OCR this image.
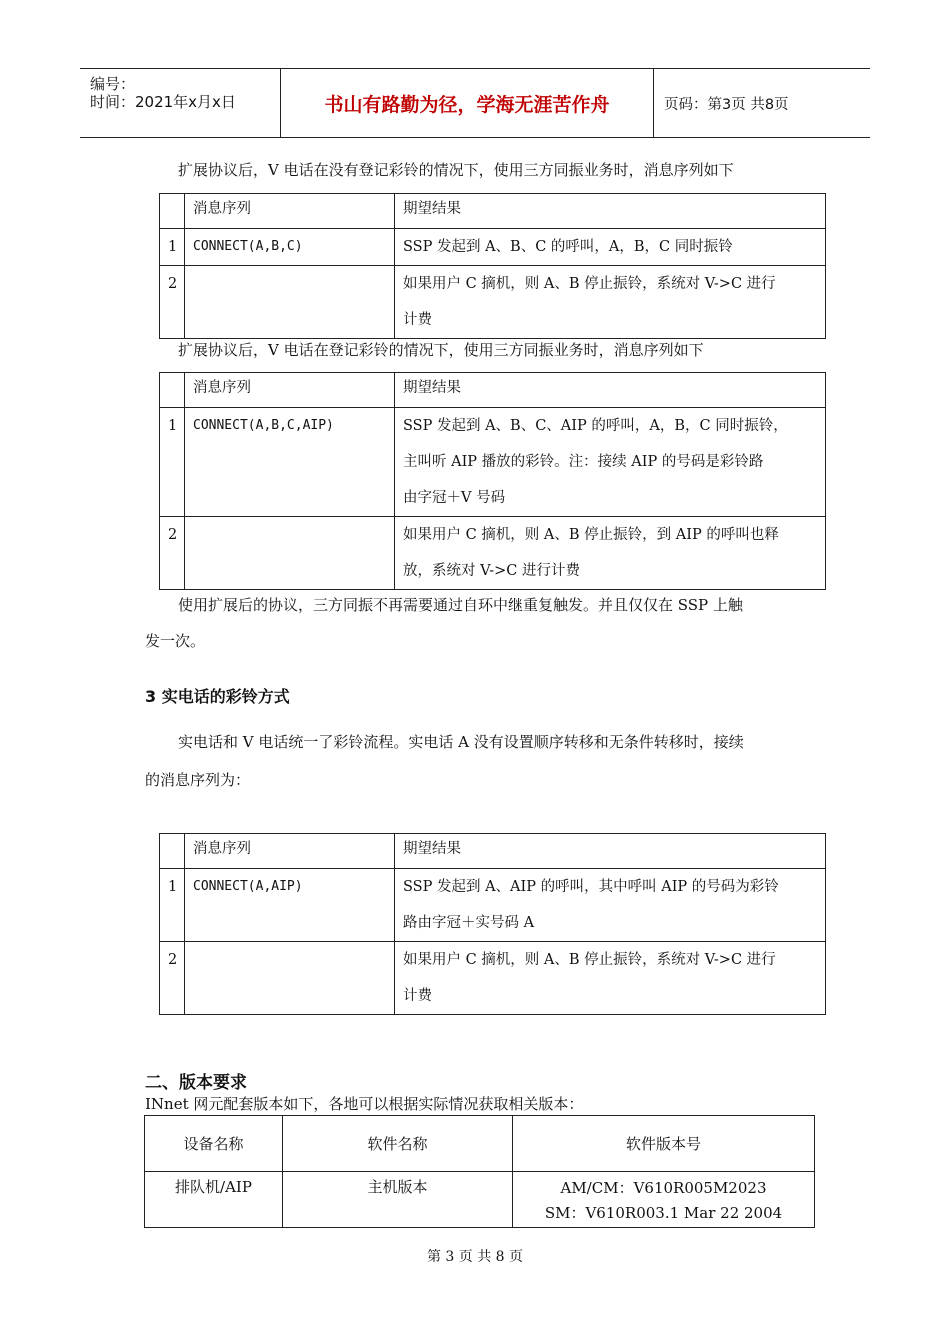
编号：
时间：2021年x月x日	书山有路勤为径，学海无涯苦作舟	页码：第3页 共8页
扩展协议后，V 电话在没有登记彩铃的情况下，使用三方同振业务时，消息序列如下
	消息序列	期望结果
1	CONNECT(A,B,C)	SSP 发起到 A、B、C 的呼叫，A，B，C 同时振铃
2		如果用户 C 摘机，则 A、B 停止振铃，系统对 V->C 进行
计费
扩展协议后，V 电话在登记彩铃的情况下，使用三方同振业务时，消息序列如下
	消息序列	期望结果
1	CONNECT(A,B,C,AIP)	SSP 发起到 A、B、C、AIP 的呼叫，A，B，C 同时振铃，
主叫听 AIP 播放的彩铃。注：接续 AIP 的号码是彩铃路
由字冠＋V 号码

2		如果用户 C 摘机，则 A、B 停止振铃，到 AIP 的呼叫也释
放，系统对 V->C 进行计费
使用扩展后的协议，三方同振不再需要通过自环中继重复触发。并且仅仅在 SSP 上触
发一次。
3 实电话的彩铃方式
实电话和 V 电话统一了彩铃流程。实电话 A 没有设置顺序转移和无条件转移时，接续
的消息序列为：
	消息序列	期望结果
1	CONNECT(A,AIP)	SSP 发起到 A、AIP 的呼叫，其中呼叫 AIP 的号码为彩铃
路由字冠＋实号码 A

2		如果用户 C 摘机，则 A、B 停止振铃，系统对 V->C 进行
计费
二、版本要求
INnet 网元配套版本如下，各地可以根据实际情况获取相关版本：
设备名称	软件名称	软件版本号
排队机/AIP	主机版本	AM/CM：V610R005M2023
SM：V610R003.1 Mar 22 2004
第 3 页 共 8 页
